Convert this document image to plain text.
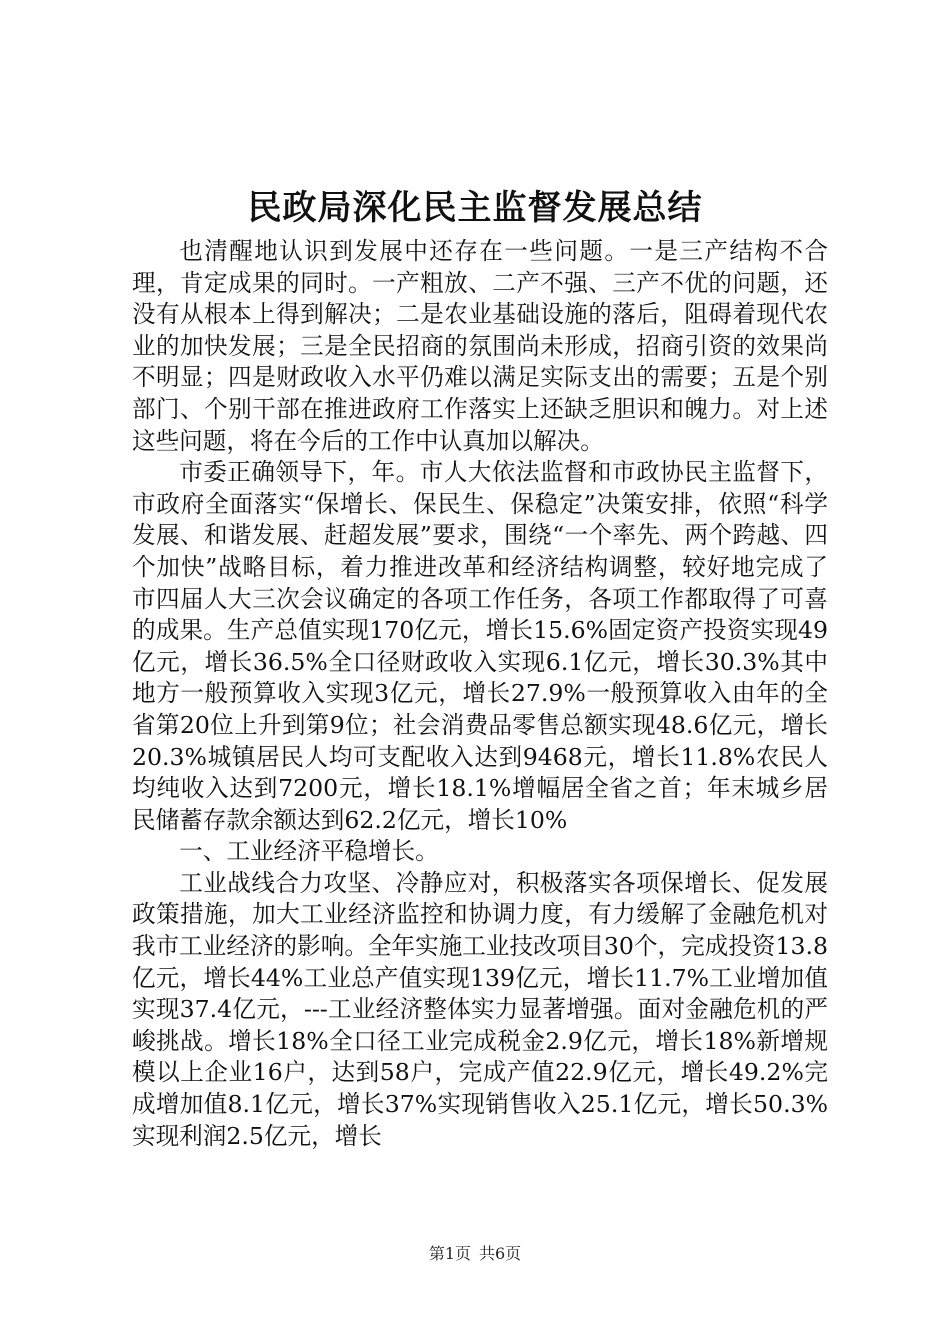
民政局深化民主监督发展总结

也清醒地认识到发展中还存在一些问题。一是三产结构不合理，肯定成果的同时。一产粗放、二产不强、三产不优的问题，还没有从根本上得到解决；二是农业基础设施的落后，阻碍着现代农业的加快发展；三是全民招商的氛围尚未形成，招商引资的效果尚不明显；四是财政收入水平仍难以满足实际支出的需要；五是个别部门、个别干部在推进政府工作落实上还缺乏胆识和魄力。对上述这些问题，将在今后的工作中认真加以解决。

市委正确领导下，年。市人大依法监督和市政协民主监督下，市政府全面落实“保增长、保民生、保稳定”决策安排，依照“科学发展、和谐发展、赶超发展”要求，围绕“一个率先、两个跨越、四个加快”战略目标，着力推进改革和经济结构调整，较好地完成了市四届人大三次会议确定的各项工作任务，各项工作都取得了可喜的成果。生产总值实现170亿元，增长15.6%固定资产投资实现49亿元，增长36.5%全口径财政收入实现6.1亿元，增长30.3%其中地方一般预算收入实现3亿元，增长27.9%一般预算收入由年的全省第20位上升到第9位；社会消费品零售总额实现48.6亿元，增长20.3%城镇居民人均可支配收入达到9468元，增长11.8%农民人均纯收入达到7200元，增长18.1%增幅居全省之首；年末城乡居民储蓄存款余额达到62.2亿元，增长10%

一、工业经济平稳增长。

工业战线合力攻坚、冷静应对，积极落实各项保增长、促发展政策措施，加大工业经济监控和协调力度，有力缓解了金融危机对我市工业经济的影响。全年实施工业技改项目30个，完成投资13.8亿元，增长44%工业总产值实现139亿元，增长11.7%工业增加值实现37.4亿元，---工业经济整体实力显著增强。面对金融危机的严峻挑战。增长18%全口径工业完成税金2.9亿元，增长18%新增规模以上企业16户，达到58户，完成产值22.9亿元，增长49.2%完成增加值8.1亿元，增长37%实现销售收入25.1亿元，增长50.3%实现利润2.5亿元，增长

第1页 共6页
